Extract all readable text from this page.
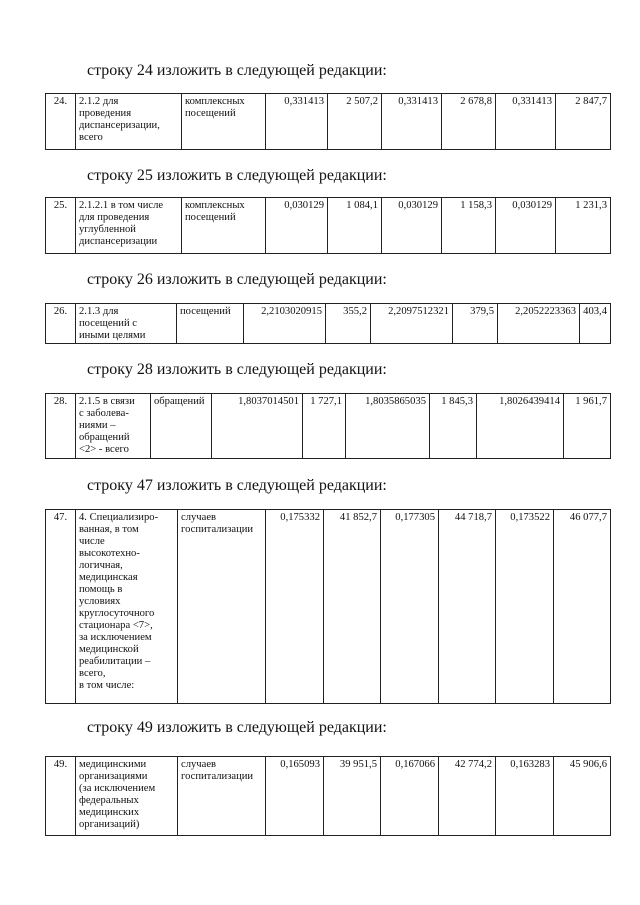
строку 24 изложить в следующей редакции:
24.	2.1.2 для
проведения
диспансеризации,
всего	комплексных
посещений	0,331413	2 507,2	0,331413	2 678,8	0,331413	2 847,7
строку 25 изложить в следующей редакции:
25.	2.1.2.1 в том числе
для проведения
углубленной
диспансеризации	комплексных
посещений	0,030129	1 084,1	0,030129	1 158,3	0,030129	1 231,3
строку 26 изложить в следующей редакции:
26.	2.1.3 для
посещений с
иными целями	посещений	2,2103020915	355,2	2,2097512321	379,5	2,2052223363	403,4
строку 28 изложить в следующей редакции:
28.	2.1.5 в связи
с заболева-
ниями –
обращений
<2> - всего	обращений	1,8037014501	1 727,1	1,8035865035	1 845,3	1,8026439414	1 961,7
строку 47 изложить в следующей редакции:
47.	4. Специализиро-
ванная, в том
числе
высокотехно-
логичная,
медицинская
помощь в
условиях
круглосуточного
стационара <7>,
за исключением
медицинской
реабилитации –
всего,
в том числе:	случаев
госпитализации	0,175332	41 852,7	0,177305	44 718,7	0,173522	46 077,7
строку 49 изложить в следующей редакции:
49.	медицинскими
организациями
(за исключением
федеральных
медицинских
организаций)	случаев
госпитализации	0,165093	39 951,5	0,167066	42 774,2	0,163283	45 906,6
